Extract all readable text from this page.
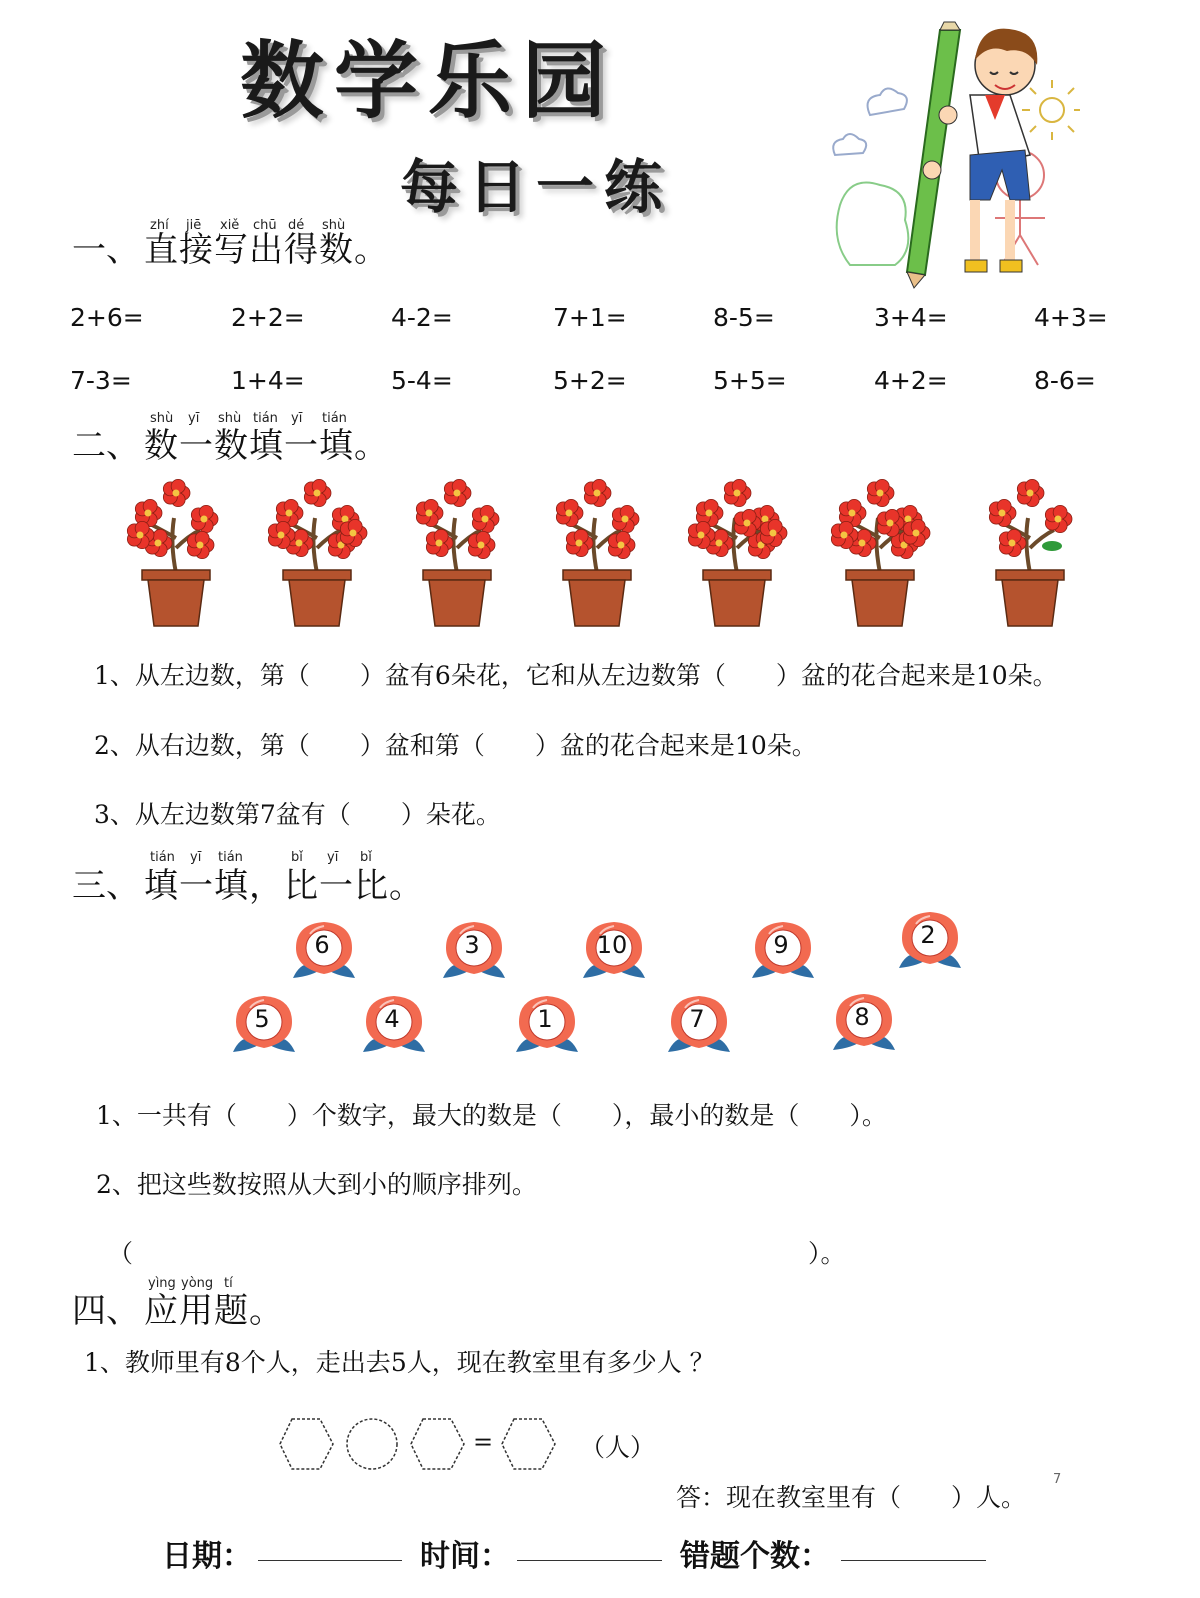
数学乐园
每日一练
一、 直接写出得数。
zhí jiē xiě chū dé shù
2+6=	2+2=	4-2=	7+1=	8-5=	3+4=	4+3=
7-3=	1+4=	5-4=	5+2=	5+5=	4+2=	8-6=
二、 数一数填一填。
shù yī shù tián yī tián
1、从左边数，第（　　）盆有6朵花，它和从左边数第（　　）盆的花合起来是10朵。
2、从右边数，第（　　）盆和第（　　）盆的花合起来是10朵。
3、从左边数第7盆有（　　）朵花。
三、 填一填，比一比。
tián yī tián	bǐ yī bǐ
6	3	10	9	2
5	4	1	7	8
1、一共有（　　）个数字，最大的数是（　　），最小的数是（　　）。
2、把这些数按照从大到小的顺序排列。
（	）。
四、 应用题。
yìng yòng tí
1、教师里有8个人，走出去5人，现在教室里有多少人 ？
=	（人）
答：现在教室里有（　　）人。
7
日期：	时间：	错题个数：
